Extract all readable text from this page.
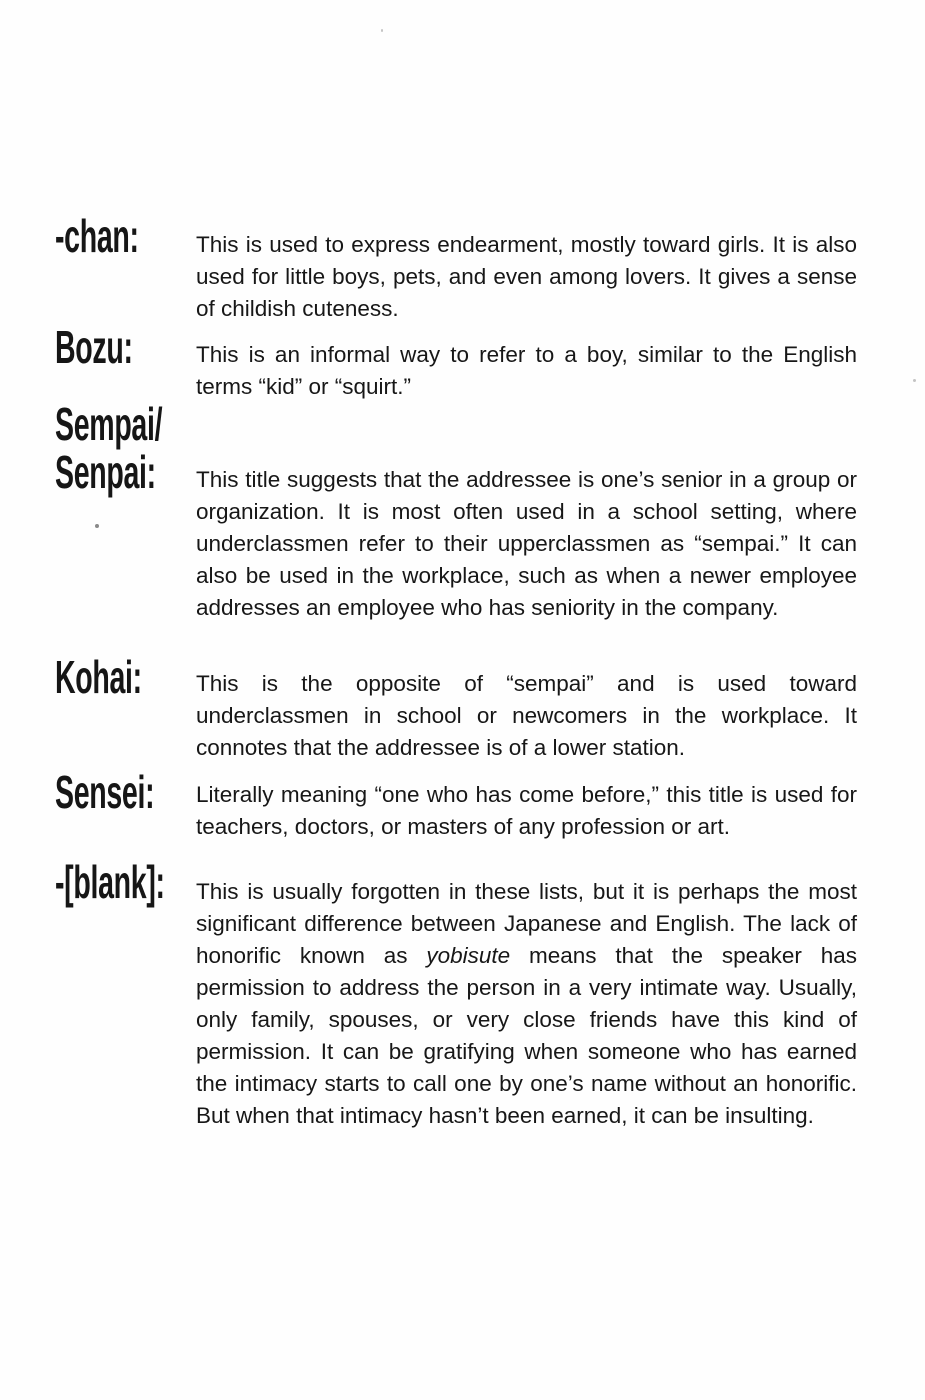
-chan:	This is used to express endearment, mostly toward girls. It is also used for little boys, pets, and even among lovers. It gives a sense of childish cuteness.
Bozu:	This is an informal way to refer to a boy, similar to the English terms “kid” or “squirt.”
Sempai/
Senpai:	This title suggests that the addressee is one’s senior in a group or organization. It is most often used in a school setting, where underclassmen refer to their upperclassmen as “sempai.” It can also be used in the workplace, such as when a newer employee addresses an employee who has seniority in the company.
Kohai:	This is the opposite of “sempai” and is used toward underclassmen in school or newcomers in the workplace. It connotes that the addressee is of a lower station.
Sensei:	Literally meaning “one who has come before,” this title is used for teachers, doctors, or masters of any profession or art.
-[blank]:	This is usually forgotten in these lists, but it is perhaps the most significant difference between Japanese and English. The lack of honorific known as yobisute means that the speaker has permission to address the person in a very intimate way. Usually, only family, spouses, or very close friends have this kind of permission. It can be gratifying when someone who has earned the intimacy starts to call one by one’s name without an honorific. But when that intimacy hasn’t been earned, it can be insulting.
